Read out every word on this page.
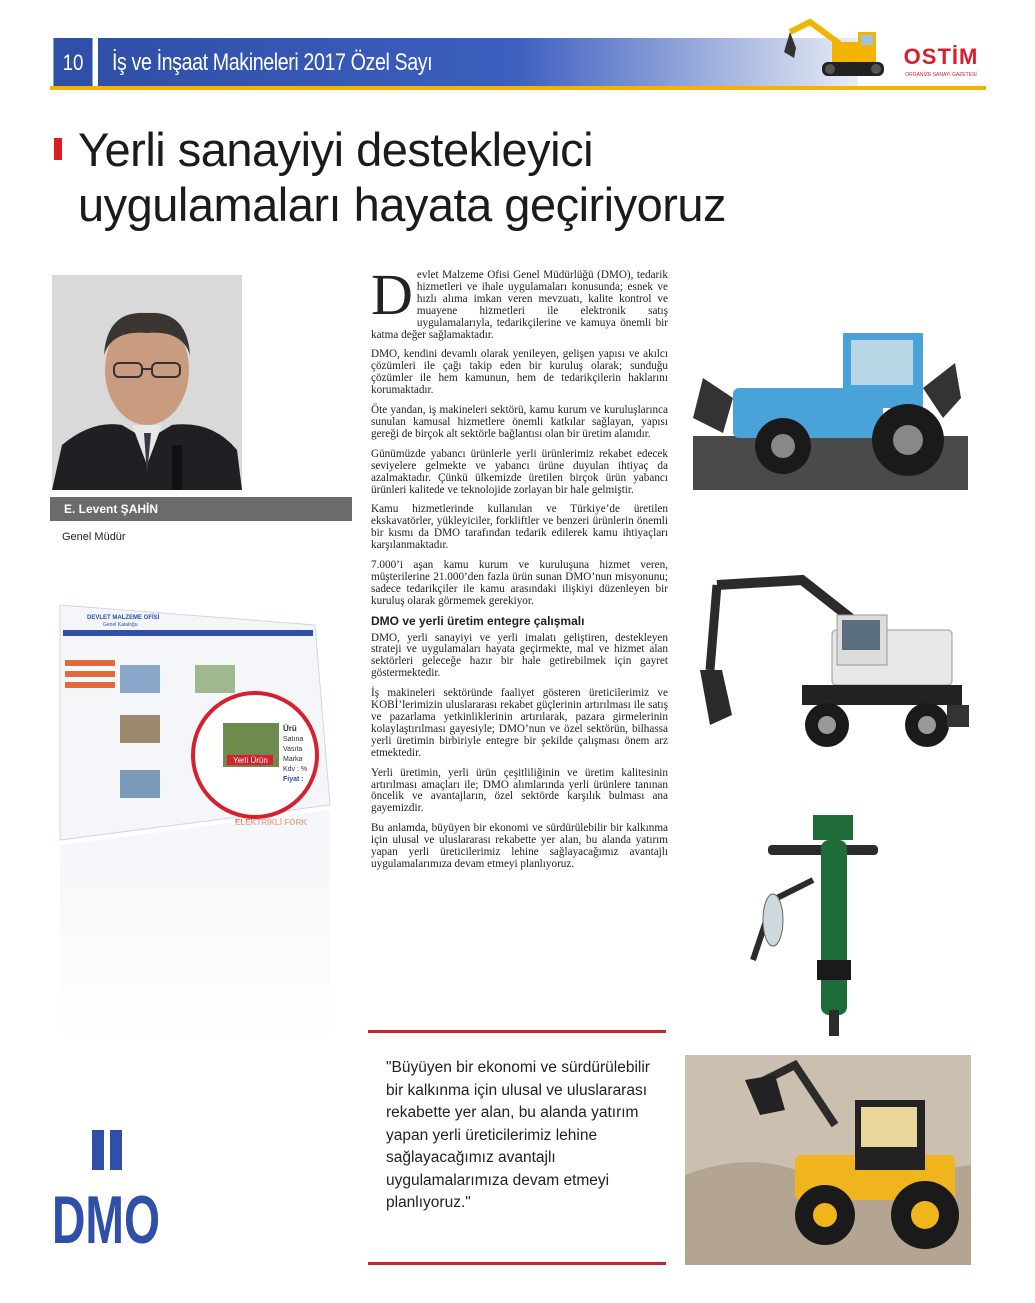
10	İş ve İnşaat Makineleri 2017 Özel Sayı	OSTİM
ORGANİZE SANAYİ GAZETESİ
Yerli sanayiyi destekleyici
uygulamaları hayata geçiriyoruz
E. Levent ŞAHİN
Genel Müdür
DEVLET MALZEME OFİSİ
Genel Kataloğu
Yerli Ürün
Ürü
Satına
Vasıta
Marka
Kdv : %
Fiyat :
DMO

Devlet Malzeme Ofisi Genel Müdürlüğü (DMO), tedarik hizmetleri ve ihale uygulamaları konusunda; esnek ve hızlı alıma imkan veren mevzuatı, kalite kontrol ve muayene hizmetleri ile elektronik satış uygulamalarıyla, tedarikçilerine ve kamuya önemli bir katma değer sağlamaktadır.

DMO, kendini devamlı olarak yenileyen, gelişen yapısı ve akılcı çözümleri ile çağı takip eden bir kuruluş olarak; sunduğu çözümler ile hem kamunun, hem de tedarikçilerin haklarını korumaktadır.

Öte yandan, iş makineleri sektörü, kamu kurum ve kuruluşlarınca sunulan kamusal hizmetlere önemli katkılar sağlayan, yapısı gereği de birçok alt sektörle bağlantısı olan bir üretim alanıdır.

Günümüzde yabancı ürünlerle yerli ürünlerimiz rekabet edecek seviyelere gelmekte ve yabancı ürüne duyulan ihtiyaç da azalmaktadır. Çünkü ülkemizde üretilen birçok ürün yabancı ürünleri kalitede ve teknolojide zorlayan bir hale gelmiştir.

Kamu hizmetlerinde kullanılan ve Türkiye’de üretilen ekskavatörler, yükleyiciler, forkliftler ve benzeri ürünlerin önemli bir kısmı da DMO tarafından tedarik edilerek kamu ihtiyaçları karşılanmaktadır.

7.000’i aşan kamu kurum ve kuruluşuna hizmet veren, müşterilerine 21.000’den fazla ürün sunan DMO’nun misyonunu; sadece tedarikçiler ile kamu arasındaki ilişkiyi düzenleyen bir kuruluş olarak görmemek gerekiyor.

DMO ve yerli üretim entegre çalışmalı

DMO, yerli sanayiyi ve yerli imalatı geliştiren, destekleyen strateji ve uygulamaları hayata geçirmekte, mal ve hizmet alan sektörleri geleceğe hazır bir hale getirebilmek için gayret göstermektedir.

İş makineleri sektöründe faaliyet gösteren üreticilerimiz ve KOBİ’lerimizin uluslararası rekabet güçlerinin artırılması ile satış ve pazarlama yetkinliklerinin artırılarak, pazara girmelerinin kolaylaştırılması gayesiyle; DMO’nun ve özel sektörün, bilhassa yerli üretimin birbiriyle entegre bir şekilde çalışması önem arz etmektedir.

Yerli üretimin, yerli ürün çeşitliliğinin ve üretim kalitesinin artırılması amaçları ile; DMO alımlarında yerli ürünlere tanınan öncelik ve avantajların, özel sektörde karşılık bulması ana gayemizdir.

Bu anlamda, büyüyen bir ekonomi ve sürdürülebilir bir kalkınma için ulusal ve uluslararası rekabette yer alan, bu alanda yatırım yapan yerli üreticilerimiz lehine sağlayacağımız avantajlı uygulamalarımıza devam etmeyi planlıyoruz.

"Büyüyen bir ekonomi ve sürdürülebilir bir kalkınma için ulusal ve uluslararası rekabette yer alan, bu alanda yatırım yapan yerli üreticilerimiz lehine sağlayacağımız avantajlı uygulamalarımıza devam etmeyi planlıyoruz."
